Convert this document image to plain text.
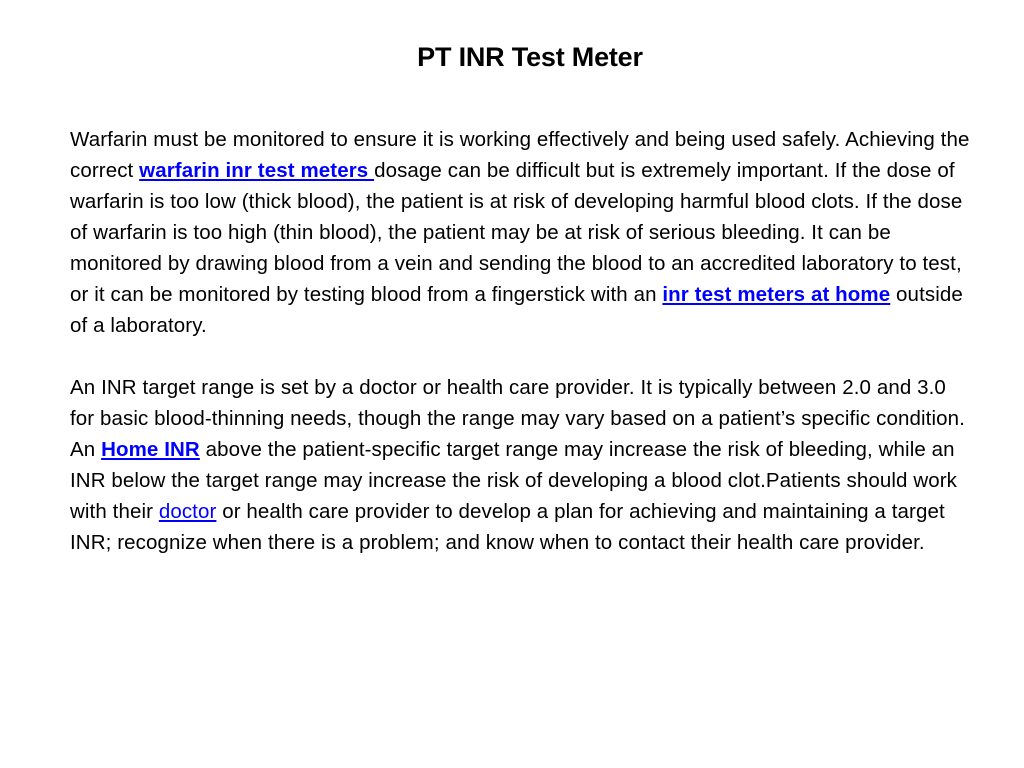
PT INR Test Meter

Warfarin must be monitored to ensure it is working effectively and being used safely. Achieving the correct warfarin inr test meters dosage can be difficult but is extremely important. If the dose of warfarin is too low (thick blood), the patient is at risk of developing harmful blood clots. If the dose of warfarin is too high (thin blood), the patient may be at risk of serious bleeding. It can be monitored by drawing blood from a vein and sending the blood to an accredited laboratory to test, or it can be monitored by testing blood from a fingerstick with an inr test meters at home outside of a laboratory.

An INR target range is set by a doctor or health care provider. It is typically between 2.0 and 3.0 for basic blood-thinning needs, though the range may vary based on a patient’s specific condition. An Home INR above the patient-specific target range may increase the risk of bleeding, while an INR below the target range may increase the risk of developing a blood clot.Patients should work with their doctor or health care provider to develop a plan for achieving and maintaining a target INR; recognize when there is a problem; and know when to contact their health care provider.
